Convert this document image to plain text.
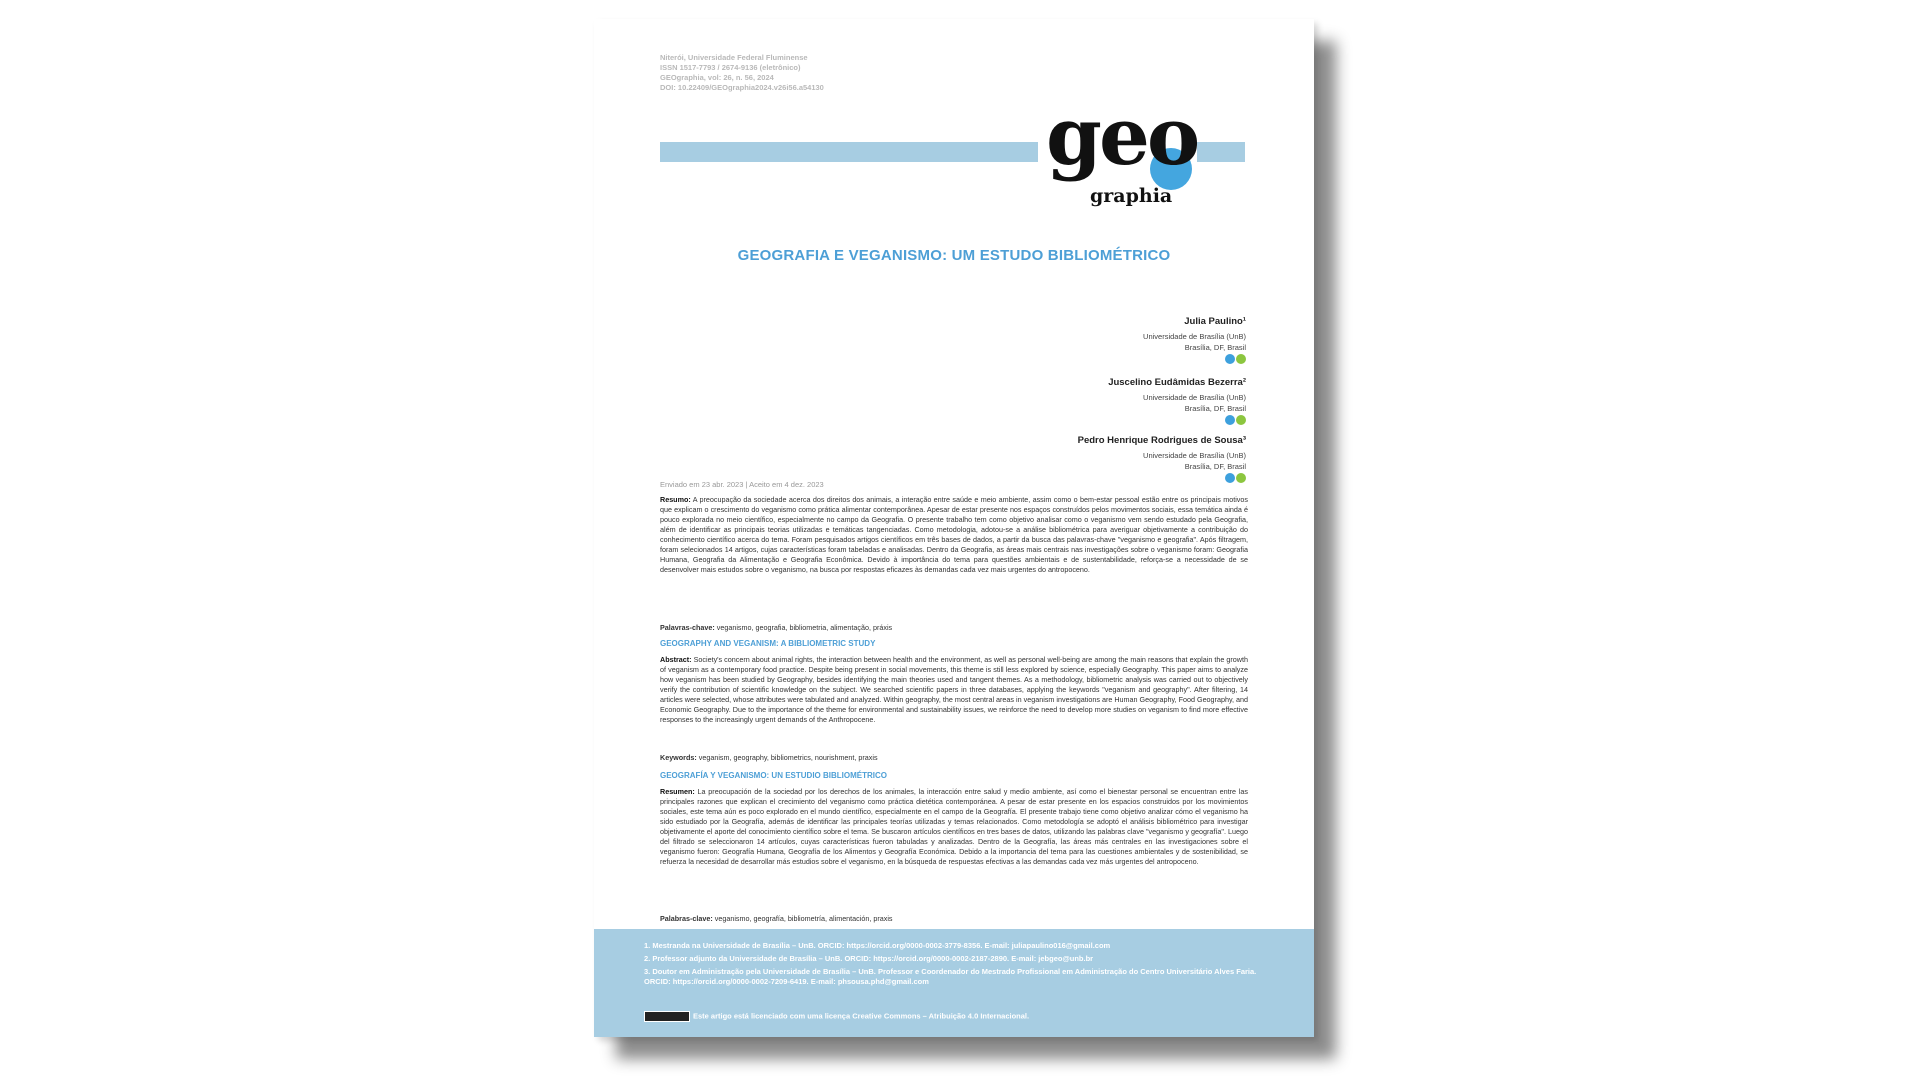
Niterói, Universidade Federal Fluminense
ISSN 1517-7793 / 2674-9136 (eletrônico)
GEOgraphia, vol: 26, n. 56, 2024
DOI: 10.22409/GEOgraphia2024.v26i56.a54130
geo
graphia
GEOGRAFIA E VEGANISMO: UM ESTUDO BIBLIOMÉTRICO
Julia Paulino¹
Universidade de Brasília (UnB)
Brasília, DF, Brasil
Juscelino Eudâmidas Bezerra²
Universidade de Brasília (UnB)
Brasília, DF, Brasil
Pedro Henrique Rodrigues de Sousa³
Universidade de Brasília (UnB)
Brasília, DF, Brasil
Enviado em 23 abr. 2023 | Aceito em 4 dez. 2023
Resumo: A preocupação da sociedade acerca dos direitos dos animais, a interação entre saúde e meio ambiente, assim como o bem-estar pessoal estão entre os principais motivos que explicam o crescimento do veganismo como prática alimentar contemporânea. Apesar de estar presente nos espaços construídos pelos movimentos sociais, essa temática ainda é pouco explorada no meio científico, especialmente no campo da Geografia. O presente trabalho tem como objetivo analisar como o veganismo vem sendo estudado pela Geografia, além de identificar as principais teorias utilizadas e temáticas tangenciadas. Como metodologia, adotou-se a análise bibliométrica para averiguar objetivamente a contribuição do conhecimento científico acerca do tema. Foram pesquisados artigos científicos em três bases de dados, a partir da busca das palavras-chave "veganismo e geografia". Após filtragem, foram selecionados 14 artigos, cujas características foram tabeladas e analisadas. Dentro da Geografia, as áreas mais centrais nas investigações sobre o veganismo foram: Geografia Humana, Geografia da Alimentação e Geografia Econômica. Devido à importância do tema para questões ambientais e de sustentabilidade, reforça-se a necessidade de se desenvolver mais estudos sobre o veganismo, na busca por respostas eficazes às demandas cada vez mais urgentes do antropoceno.
Palavras-chave: veganismo, geografia, bibliometria, alimentação, práxis
GEOGRAPHY AND VEGANISM: A BIBLIOMETRIC STUDY
Abstract: Society's concern about animal rights, the interaction between health and the environment, as well as personal well-being are among the main reasons that explain the growth of veganism as a contemporary food practice. Despite being present in social movements, this theme is still less explored by science, especially Geography. This paper aims to analyze how veganism has been studied by Geography, besides identifying the main theories used and tangent themes. As a methodology, bibliometric analysis was carried out to objectively verify the contribution of scientific knowledge on the subject. We searched scientific papers in three databases, applying the keywords "veganism and geography". After filtering, 14 articles were selected, whose attributes were tabulated and analyzed. Within geography, the most central areas in veganism investigations are Human Geography, Food Geography, and Economic Geography. Due to the importance of the theme for environmental and sustainability issues, we reinforce the need to develop more studies on veganism to find more effective responses to the increasingly urgent demands of the Anthropocene.
Keywords: veganism, geography, bibliometrics, nourishment, praxis
GEOGRAFÍA Y VEGANISMO: UN ESTUDIO BIBLIOMÉTRICO
Resumen: La preocupación de la sociedad por los derechos de los animales, la interacción entre salud y medio ambiente, así como el bienestar personal se encuentran entre las principales razones que explican el crecimiento del veganismo como práctica dietética contemporánea. A pesar de estar presente en los espacios construidos por los movimientos sociales, este tema aún es poco explorado en el mundo científico, especialmente en el campo de la Geografía. El presente trabajo tiene como objetivo analizar cómo el veganismo ha sido estudiado por la Geografía, además de identificar las principales teorías utilizadas y temas relacionados. Como metodología se adoptó el análisis bibliométrico para investigar objetivamente el aporte del conocimiento científico sobre el tema. Se buscaron artículos científicos en tres bases de datos, utilizando las palabras clave "veganismo y geografía". Luego del filtrado se seleccionaron 14 artículos, cuyas características fueron tabuladas y analizadas. Dentro de la Geografía, las áreas más centrales en las investigaciones sobre el veganismo fueron: Geografía Humana, Geografía de los Alimentos y Geografía Económica. Debido a la importancia del tema para las cuestiones ambientales y de sostenibilidad, se refuerza la necesidad de desarrollar más estudios sobre el veganismo, en la búsqueda de respuestas efectivas a las demandas cada vez más urgentes del antropoceno.
Palabras-clave: veganismo, geografía, bibliometría, alimentación, praxis
1. Mestranda na Universidade de Brasília – UnB. ORCID: https://orcid.org/0000-0002-3779-8356. E-mail: juliapaulino016@gmail.com
2. Professor adjunto da Universidade de Brasília – UnB. ORCID: https://orcid.org/0000-0002-2187-2890. E-mail: jebgeo@unb.br
3. Doutor em Administração pela Universidade de Brasília – UnB. Professor e Coordenador do Mestrado Profissional em Administração do Centro Universitário Alves Faria. ORCID: https://orcid.org/0000-0002-7209-6419. E-mail: phsousa.phd@gmail.com
Este artigo está licenciado com uma licença Creative Commons – Atribuição 4.0 Internacional.
